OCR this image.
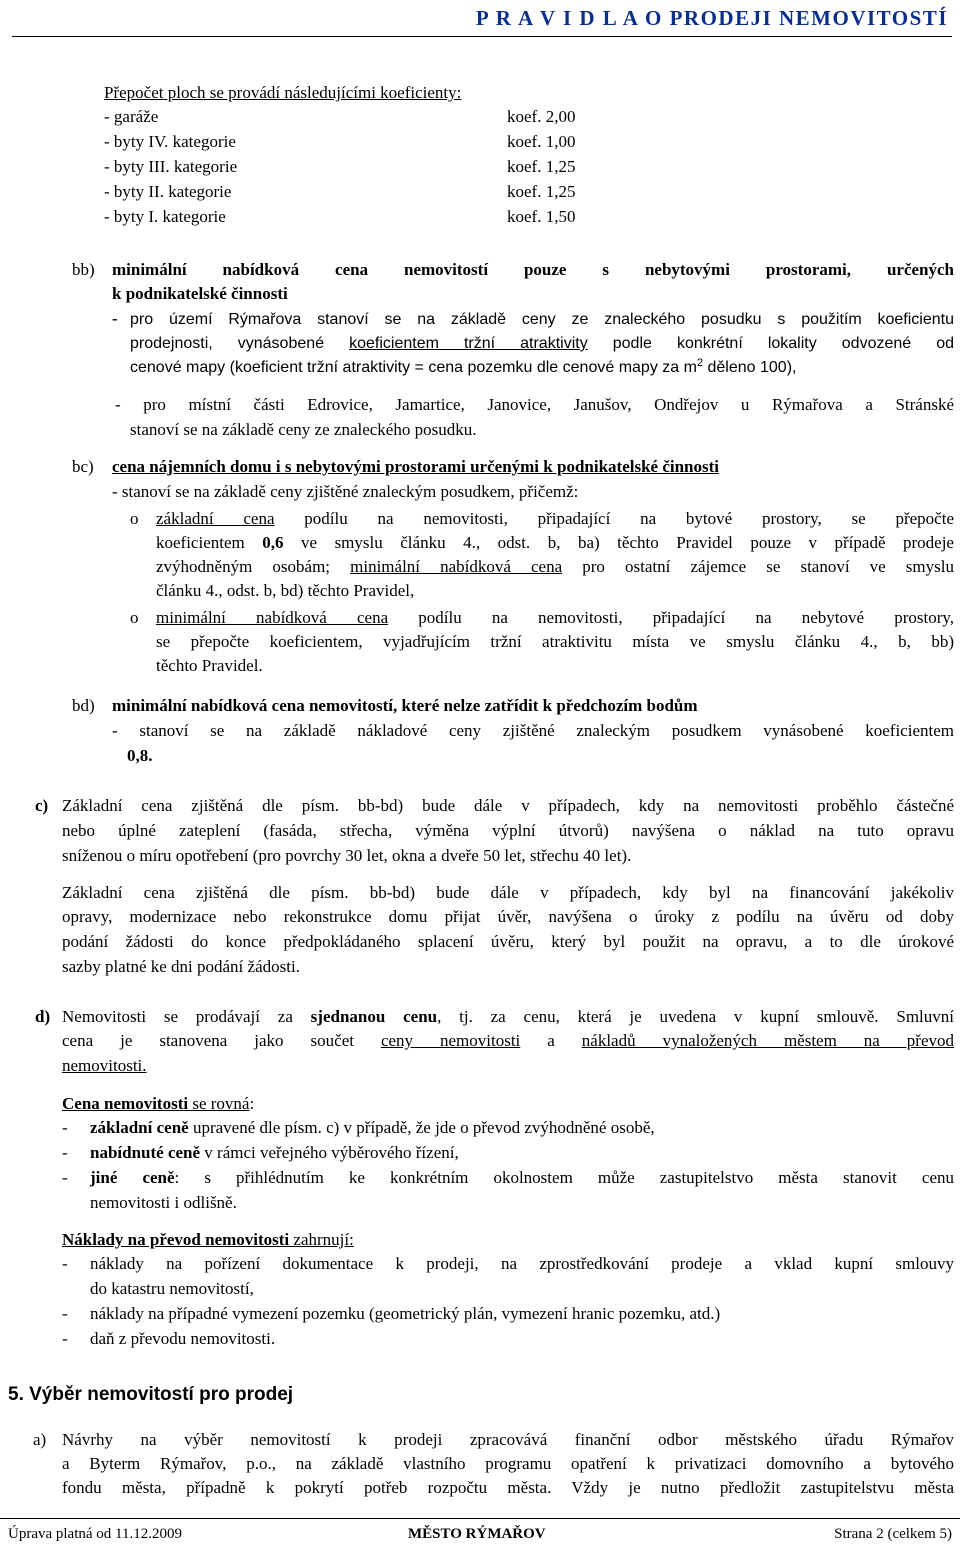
P R A V I D L A O PRODEJI NEMOVITOSTÍ
Přepočet ploch se provádí následujícími koeficienty:
- garáže	koef. 2,00
- byty IV. kategorie	koef. 1,00
- byty III. kategorie	koef. 1,25
- byty II. kategorie	koef. 1,25
- byty I. kategorie	koef. 1,50
bb) minimální nabídková cena nemovitostí pouze s nebytovými prostorami, určených
k podnikatelské činnosti
- pro území Rýmařova stanoví se na základě ceny ze znaleckého posudku s použitím koeficientu
prodejnosti, vynásobené koeficientem tržní atraktivity podle konkrétní lokality odvozené od
cenové mapy (koeficient tržní atraktivity = cena pozemku dle cenové mapy za $m^2$ děleno 100),
- pro místní části Edrovice, Jamartice, Janovice, Janušov, Ondřejov u Rýmařova a Stránské
stanoví se na základě ceny ze znaleckého posudku.
bc) cena nájemních domu i s nebytovými prostorami určenými k podnikatelské činnosti
- stanoví se na základě ceny zjištěné znaleckým posudkem, přičemž:
o základní cena podílu na nemovitosti, připadající na bytové prostory, se přepočte
koeficientem 0,6 ve smyslu článku 4., odst. b, ba) těchto Pravidel pouze v případě prodeje
zvýhodněným osobám; minimální nabídková cena pro ostatní zájemce se stanoví ve smyslu
článku 4., odst. b, bd) těchto Pravidel,
o minimální nabídková cena podílu na nemovitosti, připadající na nebytové prostory,
se přepočte koeficientem, vyjadřujícím tržní atraktivitu místa ve smyslu článku 4., b, bb)
těchto Pravidel.
bd) minimální nabídková cena nemovitostí, které nelze zatřídit k předchozím bodům
- stanoví se na základě nákladové ceny zjištěné znaleckým posudkem vynásobené koeficientem
0,8.
c) Základní cena zjištěná dle písm. bb-bd) bude dále v případech, kdy na nemovitosti proběhlo částečné
nebo úplné zateplení (fasáda, střecha, výměna výplní útvorů) navýšena o náklad na tuto opravu
sníženou o míru opotřebení (pro povrchy 30 let, okna a dveře 50 let, střechu 40 let).
Základní cena zjištěná dle písm. bb-bd) bude dále v případech, kdy byl na financování jakékoliv
opravy, modernizace nebo rekonstrukce domu přijat úvěr, navýšena o úroky z podílu na úvěru od doby
podání žádosti do konce předpokládaného splacení úvěru, který byl použit na opravu, a to dle úrokové
sazby platné ke dni podání žádosti.
d) Nemovitosti se prodávají za sjednanou cenu, tj. za cenu, která je uvedena v kupní smlouvě. Smluvní
cena je stanovena jako součet ceny nemovitosti a nákladů vynaložených městem na převod
nemovitosti.
Cena nemovitosti se rovná:
- základní ceně upravené dle písm. c) v případě, že jde o převod zvýhodněné osobě,
- nabídnuté ceně v rámci veřejného výběrového řízení,
- jiné ceně: s přihlédnutím ke konkrétním okolnostem může zastupitelstvo města stanovit cenu
nemovitosti i odlišně.
Náklady na převod nemovitosti zahrnují:
- náklady na pořízení dokumentace k prodeji, na zprostředkování prodeje a vklad kupní smlouvy
do katastru nemovitostí,
- náklady na případné vymezení pozemku (geometrický plán, vymezení hranic pozemku, atd.)
- daň z převodu nemovitosti.
5. Výběr nemovitostí pro prodej
a) Návrhy na výběr nemovitostí k prodeji zpracovává finanční odbor městského úřadu Rýmařov
a Byterm Rýmařov, p.o., na základě vlastního programu opatření k privatizaci domovního a bytového
fondu města, případně k pokrytí potřeb rozpočtu města. Vždy je nutno předložit zastupitelstvu města
Úprava platná od 11.12.2009	MĚSTO RÝMAŘOV	Strana 2 (celkem 5)
